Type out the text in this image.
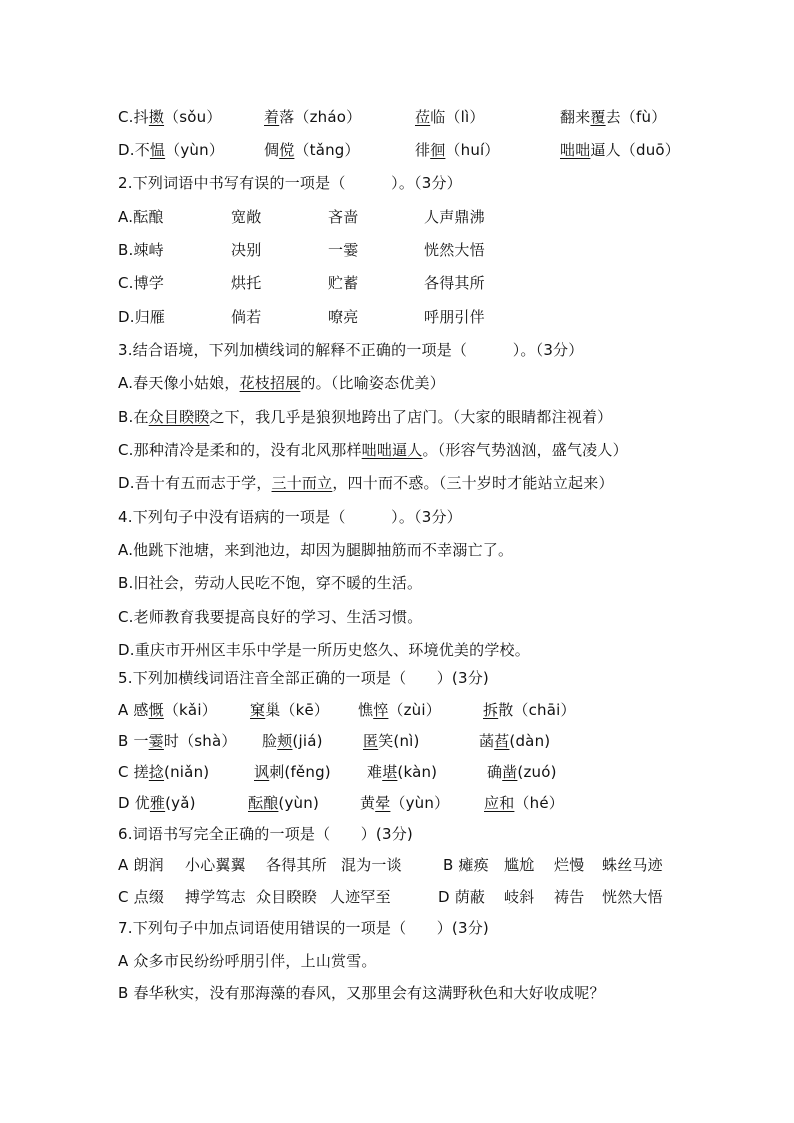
C.抖擞（sǒu）	着落（zháo）	莅临（lì）	翻来覆去（fù）
D.不愠（yùn）	倜傥（tǎng）	徘徊（huí）	咄咄逼人（duō）
2.下列词语中书写有误的一项是（　　　）。（3分）
A.酝酿	宽敞	吝啬	人声鼎沸
B.竦峙	决别	一霎	恍然大悟
C.博学	烘托	贮蓄	各得其所
D.归雁	倘若	嘹亮	呼朋引伴
3.结合语境，下列加横线词的解释不正确的一项是（　　　）。（3分）
A.春天像小姑娘，花枝招展的。（比喻姿态优美）
B.在众目睽睽之下，我几乎是狼狈地跨出了店门。（大家的眼睛都注视着）
C.那种清冷是柔和的，没有北风那样咄咄逼人。（形容气势汹汹，盛气凌人）
D.吾十有五而志于学，三十而立，四十而不惑。（三十岁时才能站立起来）
4.下列句子中没有语病的一项是（　　　）。（3分）
A.他跳下池塘，来到池边，却因为腿脚抽筋而不幸溺亡了。
B.旧社会，劳动人民吃不饱，穿不暖的生活。
C.老师教育我要提高良好的学习、生活习惯。
D.重庆市开州区丰乐中学是一所历史悠久、环境优美的学校。
5.下列加横线词语注音全部正确的一项是（　　）(3分)
A 感慨（kǎi） 窠巢（kē） 憔悴（zùi）	拆散（chāi）
B 一霎时（shà） 脸颊(jiá)	匿笑(nì)	菡萏(dàn)
C 搓捻(niǎn)	讽刺(fěng) 难堪(kàn)	确凿(zuó)
D 优雅(yǎ)	酝酿(yùn)	黄晕（yùn） 应和（hé）
6.词语书写完全正确的一项是（　　）(3分)
A 朗润 小心翼翼 各得其所 混为一谈	B 瘫痪 尴尬 烂慢 蛛丝马迹
C 点缀 搏学笃志 众目睽睽 人迹罕至	D 荫蔽 岐斜 祷告 恍然大悟
7.下列句子中加点词语使用错误的一项是（　　）(3分)
A 众多市民纷纷呼朋引伴，上山赏雪。
B 春华秋实，没有那海藻的春风，又那里会有这满野秋色和大好收成呢？
